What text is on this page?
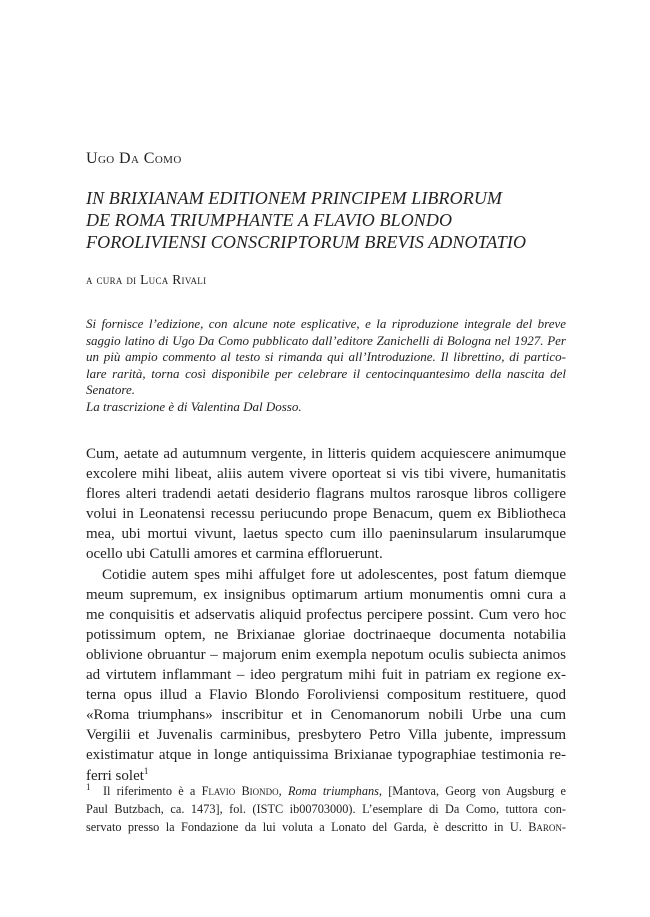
Ugo Da Como
IN BRIXIANAM EDITIONEM PRINCIPEM LIBRORUM
DE ROMA TRIUMPHANTE A FLAVIO BLONDO
FOROLIVIENSI CONSCRIPTORUM BREVIS ADNOTATIO
a cura di Luca Rivali
Si fornisce l’edizione, con alcune note esplicative, e la riproduzione integrale del breve
saggio latino di Ugo Da Como pubblicato dall’editore Zanichelli di Bologna nel 1927. Per
un più ampio commento al testo si rimanda qui all’Introduzione. Il librettino, di partico-
lare rarità, torna così disponibile per celebrare il centocinquantesimo della nascita del
Senatore.
La trascrizione è di Valentina Dal Dosso.
Cum, aetate ad autumnum vergente, in litteris quidem acquiescere animumque
excolere mihi libeat, aliis autem vivere oporteat si vis tibi vivere, humanitatis
flores alteri tradendi aetati desiderio flagrans multos rarosque libros colligere
volui in Leonatensi recessu periucundo prope Benacum, quem ex Bibliotheca
mea, ubi mortui vivunt, laetus specto cum illo paeninsularum insularumque
ocello ubi Catulli amores et carmina effloruerunt.
Cotidie autem spes mihi affulget fore ut adolescentes, post fatum diemque
meum supremum, ex insignibus optimarum artium monumentis omni cura a
me conquisitis et adservatis aliquid profectus percipere possint. Cum vero hoc
potissimum optem, ne Brixianae gloriae doctrinaeque documenta notabilia
oblivione obruantur – majorum enim exempla nepotum oculis subiecta animos
ad virtutem inflammant – ideo pergratum mihi fuit in patriam ex regione ex-
terna opus illud a Flavio Blondo Foroliviensi compositum restituere, quod
«Roma triumphans» inscribitur et in Cenomanorum nobili Urbe una cum
Vergilii et Juvenalis carminibus, presbytero Petro Villa jubente, impressum
existimatur atque in longe antiquissima Brixianae typographiae testimonia re-
ferri solet$^1$
$^1$ Il riferimento è a Flavio Biondo, Roma triumphans, [Mantova, Georg von Augsburg e
Paul Butzbach, ca. 1473], fol. (ISTC ib00703000). L’esemplare di Da Como, tuttora con-
servato presso la Fondazione da lui voluta a Lonato del Garda, è descritto in U. Baron-
